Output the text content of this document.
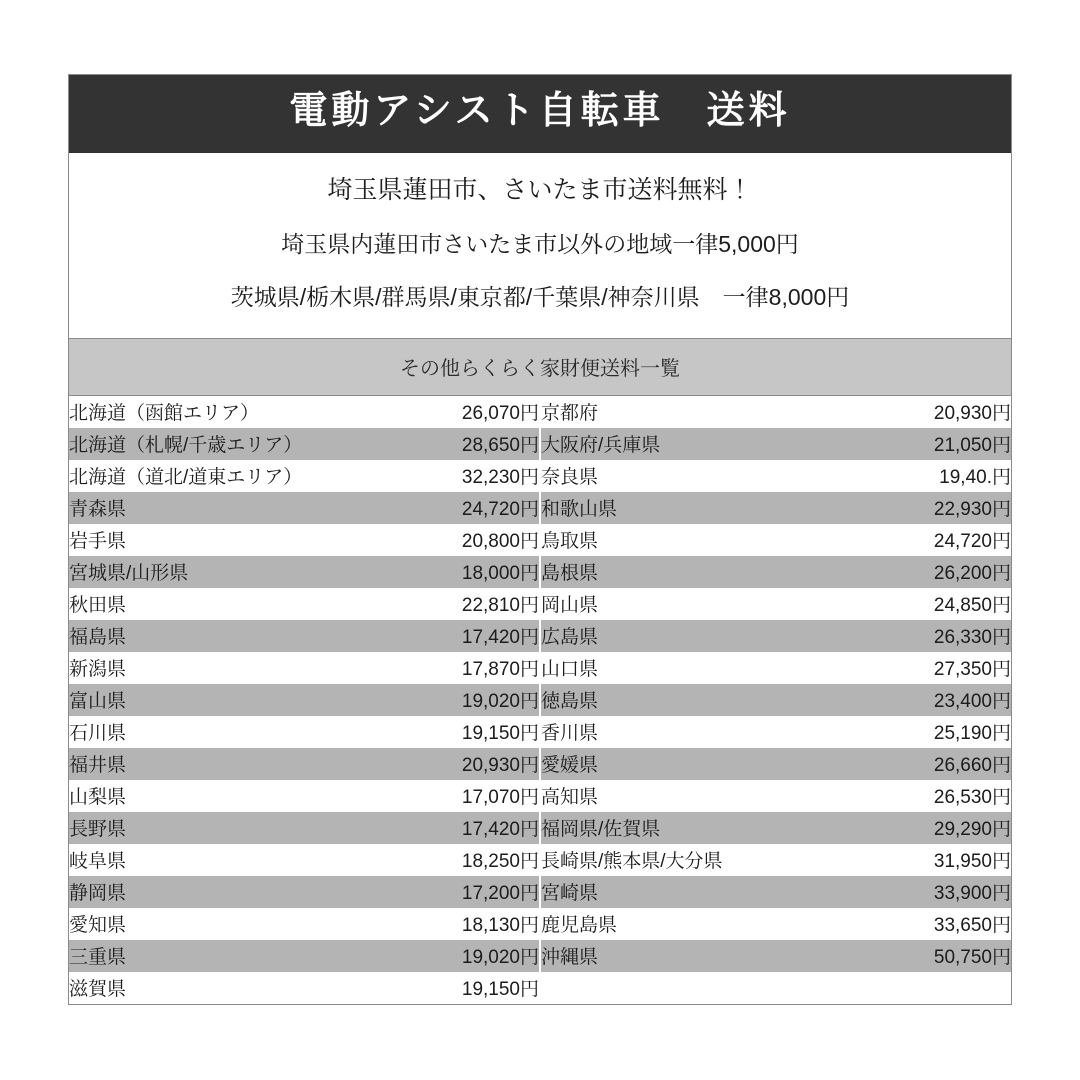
電動アシスト自転車　送料
埼玉県蓮田市、さいたま市送料無料！
埼玉県内蓮田市さいたま市以外の地域一律5,000円
茨城県/栃木県/群馬県/東京都/千葉県/神奈川県　一律8,000円
その他らくらく家財便送料一覧
北海道（函館エリア）	26,070円		京都府	20,930円
北海道（札幌/千歳エリア）	28,650円		大阪府/兵庫県	21,050円
北海道（道北/道東エリア）	32,230円		奈良県	19,40.円
青森県	24,720円		和歌山県	22,930円
岩手県	20,800円		鳥取県	24,720円
宮城県/山形県	18,000円		島根県	26,200円
秋田県	22,810円		岡山県	24,850円
福島県	17,420円		広島県	26,330円
新潟県	17,870円		山口県	27,350円
富山県	19,020円		徳島県	23,400円
石川県	19,150円		香川県	25,190円
福井県	20,930円		愛媛県	26,660円
山梨県	17,070円		高知県	26,530円
長野県	17,420円		福岡県/佐賀県	29,290円
岐阜県	18,250円		長崎県/熊本県/大分県	31,950円
静岡県	17,200円		宮崎県	33,900円
愛知県	18,130円		鹿児島県	33,650円
三重県	19,020円		沖縄県	50,750円
滋賀県	19,150円			
